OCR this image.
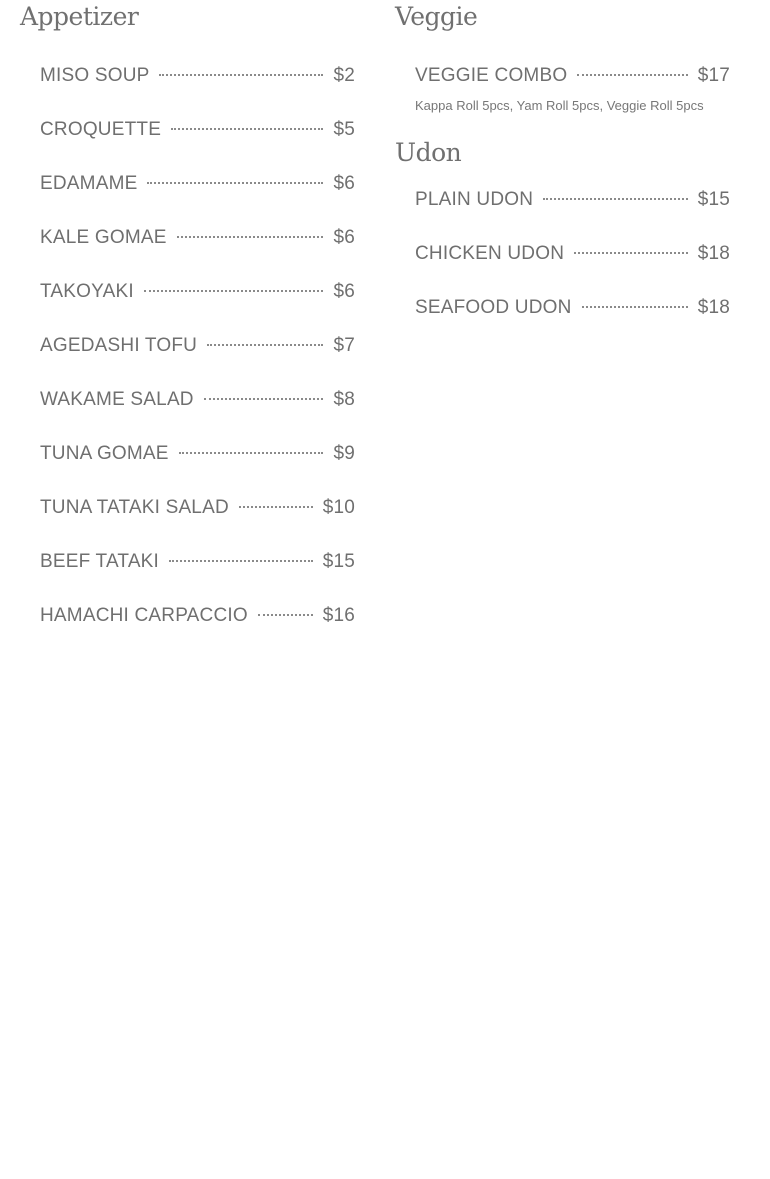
Appetizer
MISO SOUP	$2
CROQUETTE	$5
EDAMAME	$6
KALE GOMAE	$6
TAKOYAKI	$6
AGEDASHI TOFU	$7
WAKAME SALAD	$8
TUNA GOMAE	$9
TUNA TATAKI SALAD	$10
BEEF TATAKI	$15
HAMACHI CARPACCIO	$16
Veggie
VEGGIE COMBO	$17
Kappa Roll 5pcs, Yam Roll 5pcs, Veggie Roll 5pcs
Udon
PLAIN UDON	$15
CHICKEN UDON	$18
SEAFOOD UDON	$18
